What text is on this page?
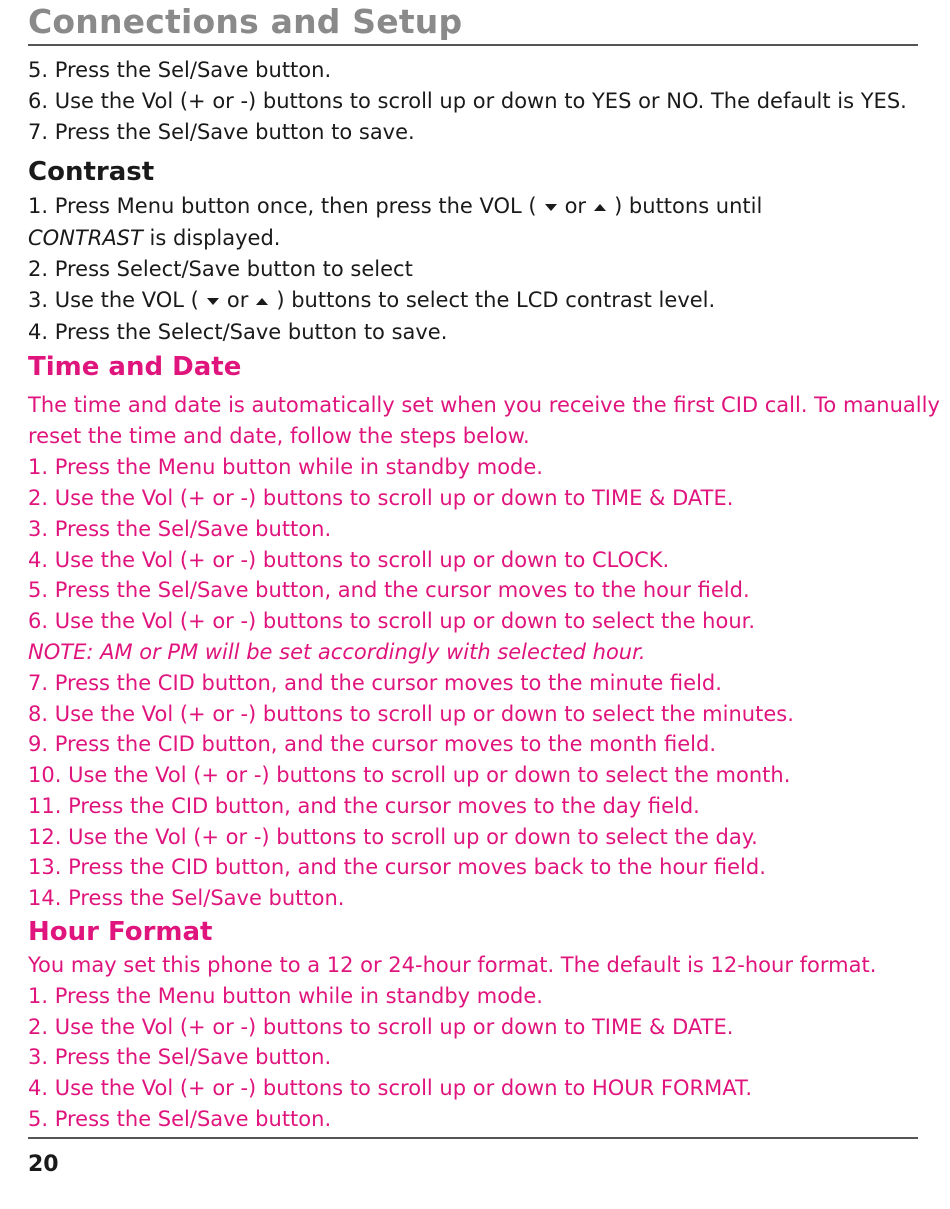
Connections and Setup
5. Press the Sel/Save button.
6. Use the Vol (+ or -) buttons to scroll up or down to YES or NO. The default is YES.
7. Press the Sel/Save button to save.
Contrast
1. Press Menu button once, then press the VOL ( or ) buttons until
CONTRAST is displayed.
2. Press Select/Save button to select
3. Use the VOL ( or ) buttons to select the LCD contrast level.
4. Press the Select/Save button to save.
Time and Date
The time and date is automatically set when you receive the first CID call. To manually
reset the time and date, follow the steps below.
1. Press the Menu button while in standby mode.
2. Use the Vol (+ or -) buttons to scroll up or down to TIME & DATE.
3. Press the Sel/Save button.
4. Use the Vol (+ or -) buttons to scroll up or down to CLOCK.
5. Press the Sel/Save button, and the cursor moves to the hour field.
6. Use the Vol (+ or -) buttons to scroll up or down to select the hour.
NOTE: AM or PM will be set accordingly with selected hour.
7. Press the CID button, and the cursor moves to the minute field.
8. Use the Vol (+ or -) buttons to scroll up or down to select the minutes.
9. Press the CID button, and the cursor moves to the month field.
10. Use the Vol (+ or -) buttons to scroll up or down to select the month.
11. Press the CID button, and the cursor moves to the day field.
12. Use the Vol (+ or -) buttons to scroll up or down to select the day.
13. Press the CID button, and the cursor moves back to the hour field.
14. Press the Sel/Save button.
Hour Format
You may set this phone to a 12 or 24-hour format. The default is 12-hour format.
1. Press the Menu button while in standby mode.
2. Use the Vol (+ or -) buttons to scroll up or down to TIME & DATE.
3. Press the Sel/Save button.
4. Use the Vol (+ or -) buttons to scroll up or down to HOUR FORMAT.
5. Press the Sel/Save button.
20
